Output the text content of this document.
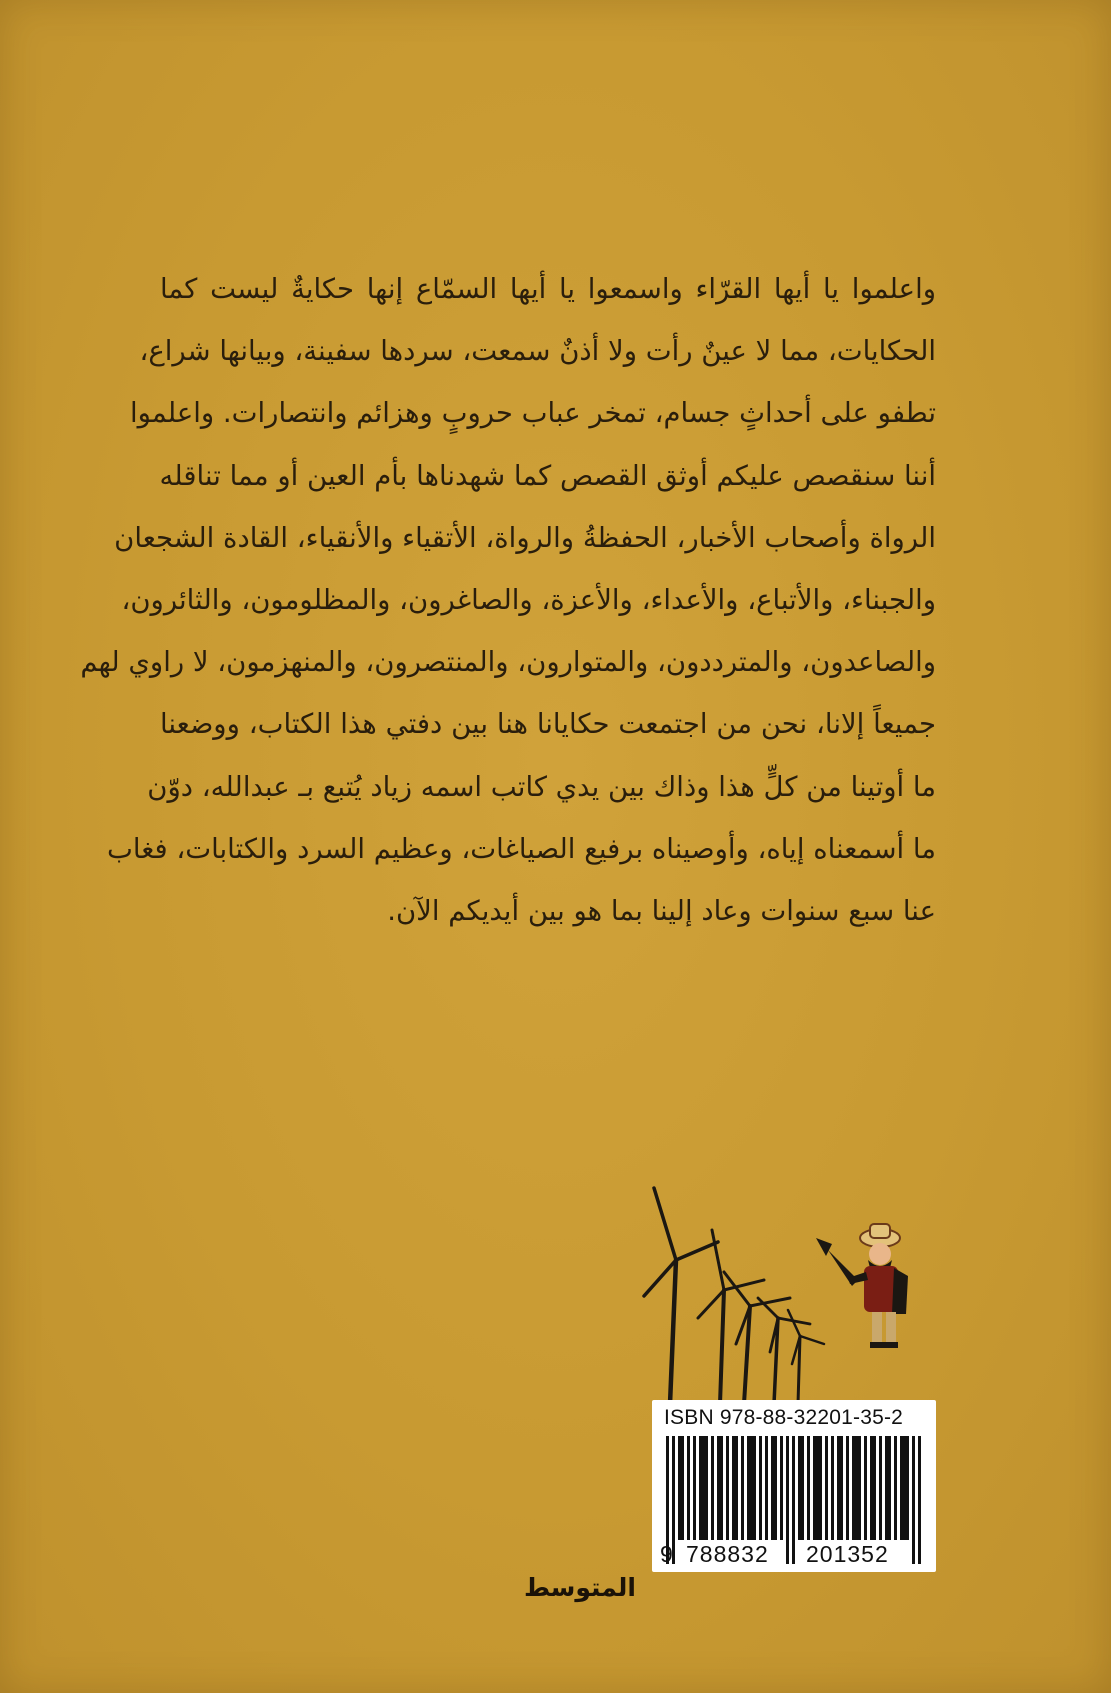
واعلموا يا أيها القرّاء واسمعوا يا أيها السمّاع إنها حكايةٌ ليست كما
الحكايات، مما لا عينٌ رأت ولا أذنٌ سمعت، سردها سفينة، وبيانها شراع،
تطفو على أحداثٍ جسام، تمخر عباب حروبٍ وهزائم وانتصارات. واعلموا
أننا سنقصص عليكم أوثق القصص كما شهدناها بأم العين أو مما تناقله
الرواة وأصحاب الأخبار، الحفظةُ والرواة، الأتقياء والأنقياء، القادة الشجعان
والجبناء، والأتباع، والأعداء، والأعزة، والصاغرون، والمظلومون، والثائرون،
والصاعدون، والمترددون، والمتوارون، والمنتصرون، والمنهزمون، لا راوي لهم
جميعاً إلانا، نحن من اجتمعت حكايانا هنا بين دفتي هذا الكتاب، ووضعنا
ما أوتينا من كلٍّ هذا وذاك بين يدي كاتب اسمه زياد يُتبع بـ عبدالله، دوّن
ما أسمعناه إياه، وأوصيناه برفيع الصياغات، وعظيم السرد والكتابات، فغاب
عنا سبع سنوات وعاد إلينا بما هو بين أيديكم الآن.
ISBN 978-88-32201-35-2
9 788832 201352
المتوسط
